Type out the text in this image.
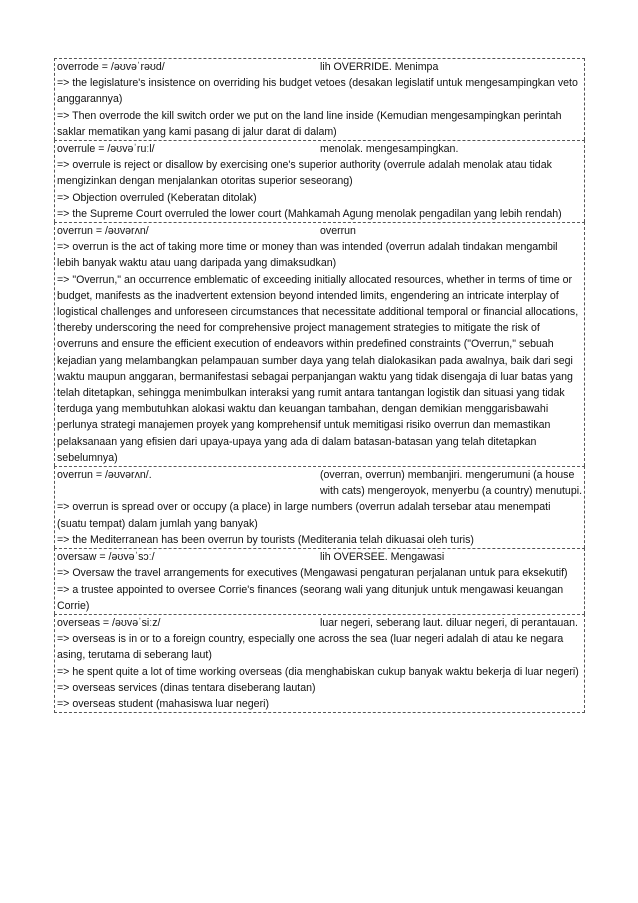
overrode = /əʊvəˈrəʊd/	lih OVERRIDE. Menimpa
=> the legislature's insistence on overriding his budget vetoes (desakan legislatif untuk mengesampingkan veto anggarannya)
=> Then overrode the kill switch order we put on the land line inside (Kemudian mengesampingkan perintah saklar mematikan yang kami pasang di jalur darat di dalam)
overrule = /əʊvəˈruːl/	menolak. mengesampingkan.
=> overrule is reject or disallow by exercising one's superior authority (overrule adalah menolak atau tidak mengizinkan dengan menjalankan otoritas superior seseorang)
=> Objection overruled (Keberatan ditolak)
=> the Supreme Court overruled the lower court (Mahkamah Agung menolak pengadilan yang lebih rendah)
overrun = /əʊvərʌn/	overrun
=> overrun is the act of taking more time or money than was intended (overrun adalah tindakan mengambil lebih banyak waktu atau uang daripada yang dimaksudkan)
=> "Overrun," an occurrence emblematic of exceeding initially allocated resources, whether in terms of time or budget, manifests as the inadvertent extension beyond intended limits, engendering an intricate interplay of logistical challenges and unforeseen circumstances that necessitate additional temporal or financial allocations, thereby underscoring the need for comprehensive project management strategies to mitigate the risk of overruns and ensure the efficient execution of endeavors within predefined constraints ("Overrun," sebuah kejadian yang melambangkan pelampauan sumber daya yang telah dialokasikan pada awalnya, baik dari segi waktu maupun anggaran, bermanifestasi sebagai perpanjangan waktu yang tidak disengaja di luar batas yang telah ditetapkan, sehingga menimbulkan interaksi yang rumit antara tantangan logistik dan situasi yang tidak terduga yang membutuhkan alokasi waktu dan keuangan tambahan, dengan demikian menggarisbawahi perlunya strategi manajemen proyek yang komprehensif untuk memitigasi risiko overrun dan memastikan pelaksanaan yang efisien dari upaya-upaya yang ada di dalam batasan-batasan yang telah ditetapkan sebelumnya)
overrun = /əʊvərʌn/.	(overran, overrun) membanjiri. mengerumuni (a house with cats) mengeroyok, menyerbu (a country) menutupi.
=> overrun is spread over or occupy (a place) in large numbers (overrun adalah tersebar atau menempati (suatu tempat) dalam jumlah yang banyak)
=> the Mediterranean has been overrun by tourists (Mediterania telah dikuasai oleh turis)
oversaw = /əʊvəˈsɔː/	lih OVERSEE. Mengawasi
=> Oversaw the travel arrangements for executives (Mengawasi pengaturan perjalanan untuk para eksekutif)
=> a trustee appointed to oversee Corrie's finances (seorang wali yang ditunjuk untuk mengawasi keuangan Corrie)
overseas = /əʊvəˈsiːz/	luar negeri, seberang laut. diluar negeri, di perantauan.
=> overseas is in or to a foreign country, especially one across the sea (luar negeri adalah di atau ke negara asing, terutama di seberang laut)
=> he spent quite a lot of time working overseas (dia menghabiskan cukup banyak waktu bekerja di luar negeri)
=> overseas services (dinas tentara diseberang lautan)
=> overseas student (mahasiswa luar negeri)
